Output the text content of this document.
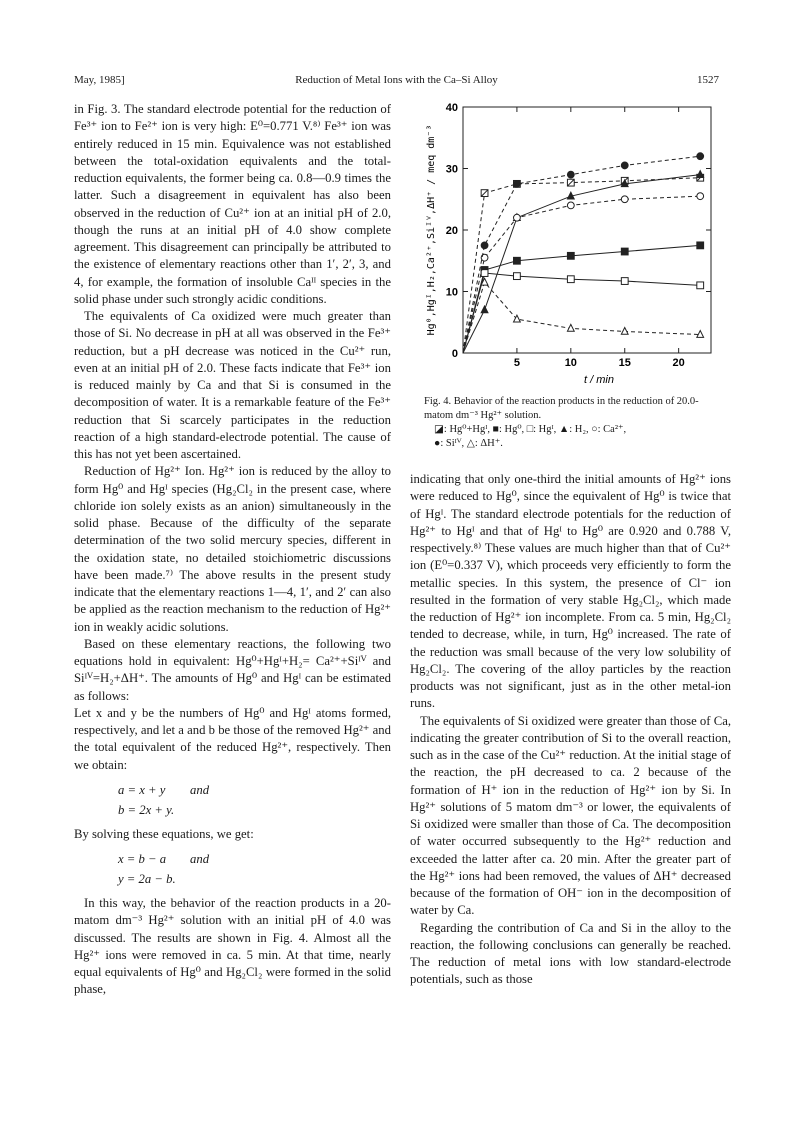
May, 1985]	Reduction of Metal Ions with the Ca–Si Alloy	1527

in Fig. 3. The standard electrode potential for the reduction of Fe³⁺ ion to Fe²⁺ ion is very high: E⁰=0.771 V.⁸⁾ Fe³⁺ ion was entirely reduced in 15 min. Equivalence was not established between the total-oxidation equivalents and the total-reduction equivalents, the former being ca. 0.8—0.9 times the latter. Such a disagreement in equivalent has also been observed in the reduction of Cu²⁺ ion at an initial pH of 2.0, though the runs at an initial pH of 4.0 show complete agreement. This disagreement can principally be attributed to the existence of elementary reactions other than 1′, 2′, 3, and 4, for example, the formation of insoluble Caᴵᴵ species in the solid phase under such strongly acidic conditions.

The equivalents of Ca oxidized were much greater than those of Si. No decrease in pH at all was observed in the Fe³⁺ reduction, but a pH decrease was noticed in the Cu²⁺ run, even at an initial pH of 2.0. These facts indicate that Fe³⁺ ion is reduced mainly by Ca and that Si is consumed in the decomposition of water. It is a remarkable feature of the Fe³⁺ reduction that Si scarcely participates in the reduction reaction of a high standard-electrode potential. The cause of this has not yet been ascertained.

Reduction of Hg²⁺ Ion. Hg²⁺ ion is reduced by the alloy to form Hg⁰ and Hgᴵ species (Hg₂Cl₂ in the present case, where chloride ion solely exists as an anion) simultaneously in the solid phase. Because of the difficulty of the separate determination of the two solid mercury species, different in the oxidation state, no detailed stoichiometric discussions have been made.⁷⁾ The above results in the present study indicate that the elementary reactions 1—4, 1′, and 2′ can also be applied as the reaction mechanism to the reduction of Hg²⁺ ion in weakly acidic solutions.

Based on these elementary reactions, the following two equations hold in equivalent: Hg⁰+Hgᴵ+H₂= Ca²⁺+Siᴵⱽ and Siᴵⱽ=H₂+ΔH⁺. The amounts of Hg⁰ and Hgᴵ can be estimated as follows:

Let x and y be the numbers of Hg⁰ and Hgᴵ atoms formed, respectively, and let a and b be those of the removed Hg²⁺ and the total equivalent of the reduced Hg²⁺, respectively. Then we obtain:

a = x + y and
b = 2x + y.

By solving these equations, we get:

x = b − a and
y = 2a − b.

In this way, the behavior of the reaction products in a 20-matom dm⁻³ Hg²⁺ solution with an initial pH of 4.0 was discussed. The results are shown in Fig. 4. Almost all the Hg²⁺ ions were removed in ca. 5 min. At that time, nearly equal equivalents of Hg⁰ and Hg₂Cl₂ were formed in the solid phase,

5	10	15	20
0
10
20
30
40
t / min
Hg⁰,Hgᴵ,H₂,Ca²⁺,Siᴵⱽ,ΔH⁺ / meq dm⁻³

Fig. 4. Behavior of the reaction products in the reduction of 20.0-matom dm⁻³ Hg²⁺ solution.

◪: Hg⁰+Hgᴵ, ■: Hg⁰, □: Hgᴵ, ▲: H₂, ○: Ca²⁺,

●: Siᴵⱽ, △: ΔH⁺.

indicating that only one-third the initial amounts of Hg²⁺ ions were reduced to Hg⁰, since the equivalent of Hg⁰ is twice that of Hgᴵ. The standard electrode potentials for the reduction of Hg²⁺ to Hgᴵ and that of Hgᴵ to Hg⁰ are 0.920 and 0.788 V, respectively.⁸⁾ These values are much higher than that of Cu²⁺ ion (E⁰=0.337 V), which proceeds very efficiently to form the metallic species. In this system, the presence of Cl⁻ ion resulted in the formation of very stable Hg₂Cl₂, which made the reduction of Hg²⁺ ion incomplete. From ca. 5 min, Hg₂Cl₂ tended to decrease, while, in turn, Hg⁰ increased. The rate of the reduction was small because of the very low solubility of Hg₂Cl₂. The covering of the alloy particles by the reaction products was not significant, just as in the other metal-ion runs.

The equivalents of Si oxidized were greater than those of Ca, indicating the greater contribution of Si to the overall reaction, such as in the case of the Cu²⁺ reduction. At the initial stage of the reaction, the pH decreased to ca. 2 because of the formation of H⁺ ion in the reduction of Hg²⁺ ion by Si. In Hg²⁺ solutions of 5 matom dm⁻³ or lower, the equivalents of Si oxidized were smaller than those of Ca. The decomposition of water occurred subsequently to the Hg²⁺ reduction and exceeded the latter after ca. 20 min. After the greater part of the Hg²⁺ ions had been removed, the values of ΔH⁺ decreased because of the formation of OH⁻ ion in the decomposition of water by Ca.

Regarding the contribution of Ca and Si in the alloy to the reaction, the following conclusions can generally be reached. The reduction of metal ions with low standard-electrode potentials, such as those
